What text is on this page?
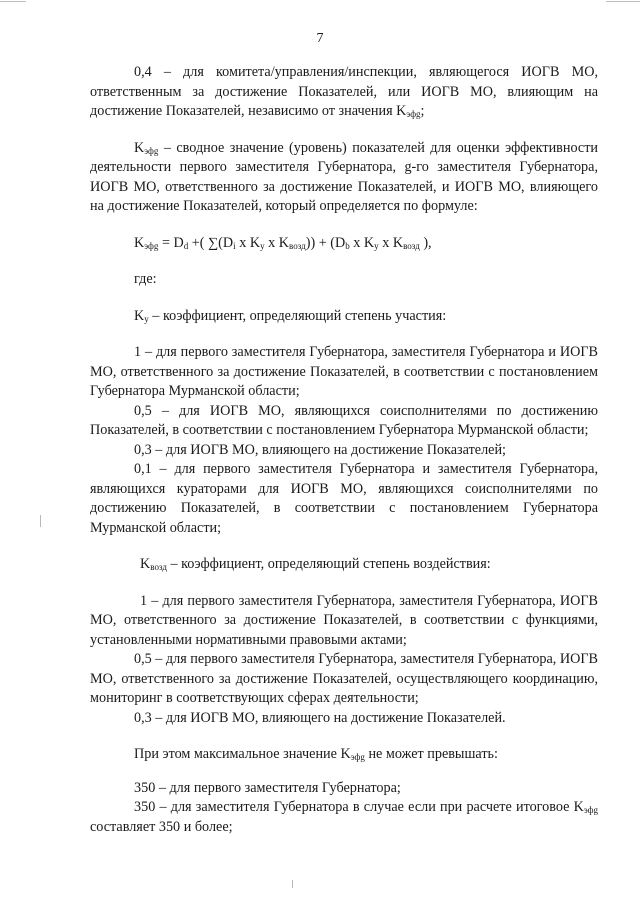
7

0,4 – для комитета/управления/инспекции, являющегося ИОГВ МО, ответственным за достижение Показателей, или ИОГВ МО, влияющим на достижение Показателей, независимо от значения $K_{эфg}$;

$K_{эфg}$ – сводное значение (уровень) показателей для оценки эффективности деятельности первого заместителя Губернатора, g-го заместителя Губернатора, ИОГВ МО, ответственного за достижение Показателей, и ИОГВ МО, влияющего на достижение Показателей, который определяется по формуле:

$K_{эфg} = D_d$ +( $\sum(D_i$ x $K_у$ x $K_{возд})) + (D_b$ x $K_у$ x $K_{возд}$ ),

где:

$K_у$ – коэффициент, определяющий степень участия:

1 – для первого заместителя Губернатора, заместителя Губернатора и ИОГВ МО, ответственного за достижение Показателей, в соответствии с постановлением Губернатора Мурманской области;

0,5 – для ИОГВ МО, являющихся соисполнителями по достижению Показателей, в соответствии с постановлением Губернатора Мурманской области;

0,3 – для ИОГВ МО, влияющего на достижение Показателей;

0,1 – для первого заместителя Губернатора и заместителя Губернатора, являющихся кураторами для ИОГВ МО, являющихся соисполнителями по достижению Показателей, в соответствии с постановлением Губернатора Мурманской области;

$K_{возд}$ – коэффициент, определяющий степень воздействия:

1 – для первого заместителя Губернатора, заместителя Губернатора, ИОГВ МО, ответственного за достижение Показателей, в соответствии с функциями, установленными нормативными правовыми актами;

0,5 – для первого заместителя Губернатора, заместителя Губернатора, ИОГВ МО, ответственного за достижение Показателей, осуществляющего координацию, мониторинг в соответствующих сферах деятельности;

0,3 – для ИОГВ МО, влияющего на достижение Показателей.

При этом максимальное значение $K_{эфg}$ не может превышать:

350 – для первого заместителя Губернатора;

350 – для заместителя Губернатора в случае если при расчете итоговое $K_{эфg}$ составляет 350 и более;
